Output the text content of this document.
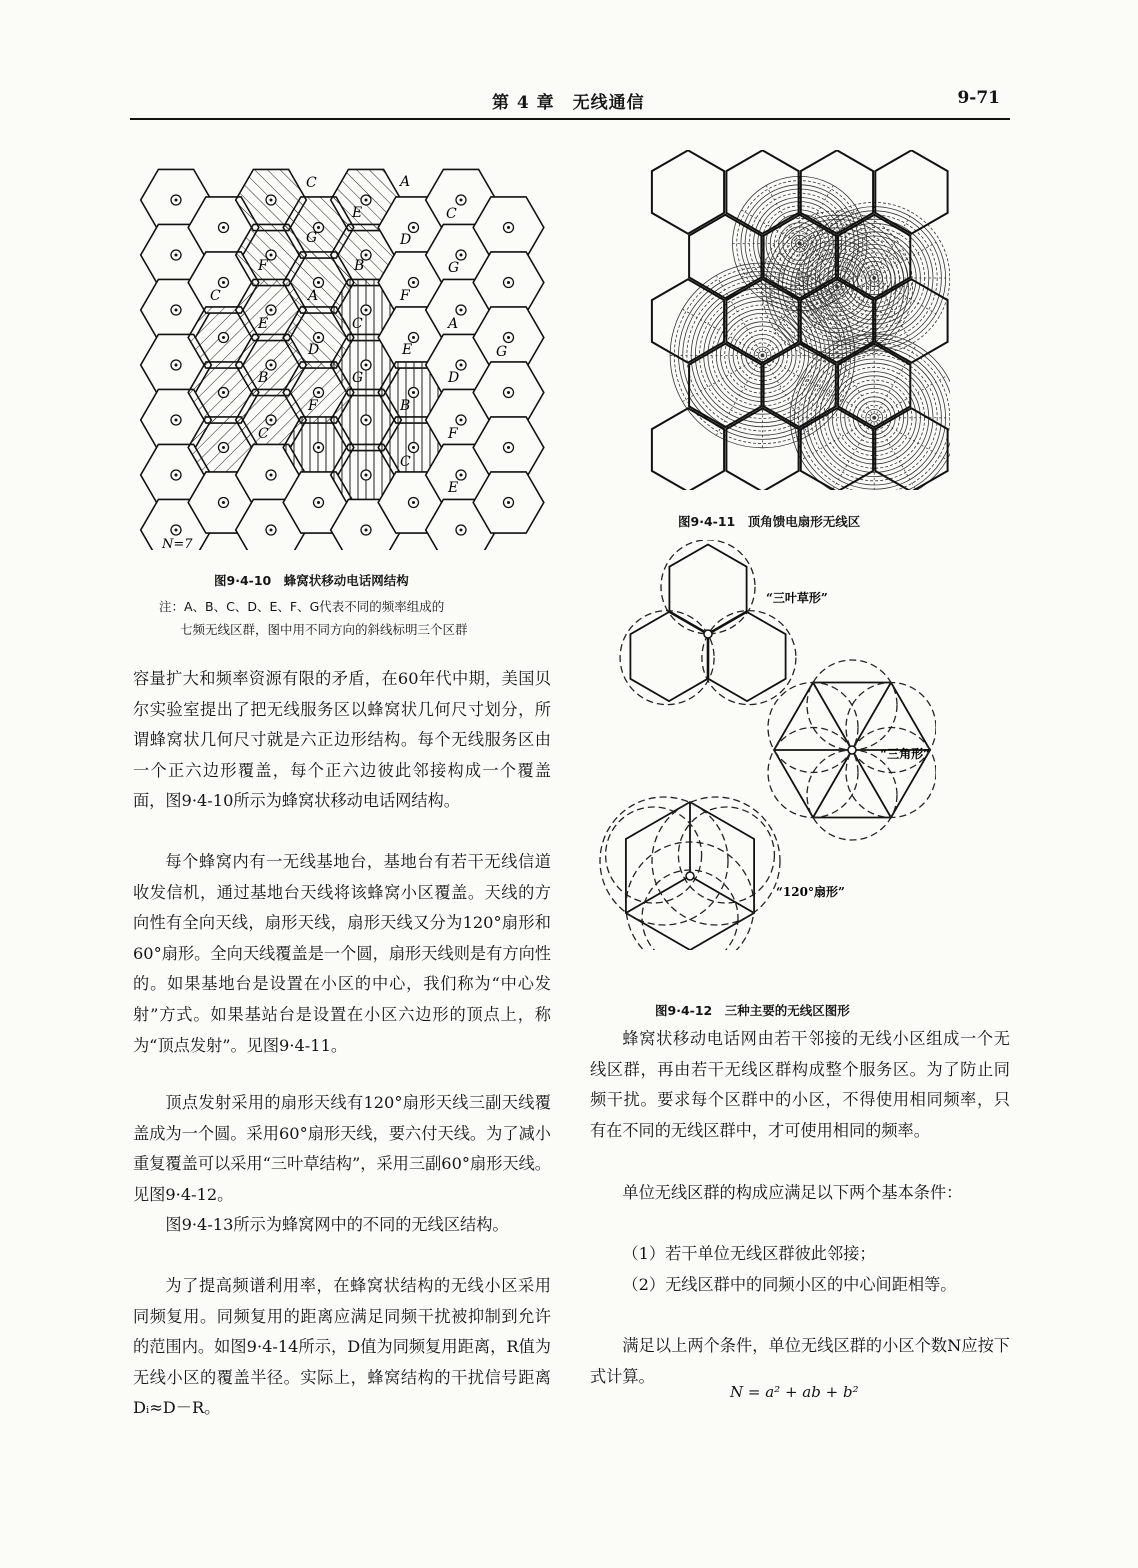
第 4 章　无线通信	9-71
C	A
E	C
G	D
F	B	G
C	A	F
E	C	A
E
D	G
B	D
B
F
C	F
G
C
E
N=7
图9·4-10　蜂窝状移动电话网结构
注：A、B、C、D、E、F、G代表不同的频率组成的
七频无线区群，图中用不同方向的斜线标明三个区群
图9·4-11　顶角馈电扇形无线区
“三叶草形”
“三角形”
“120°扇形”
图9·4-12　三种主要的无线区图形

容量扩大和频率资源有限的矛盾，在60年代中期，美国贝尔实验室提出了把无线服务区以蜂窝状几何尺寸划分，所谓蜂窝状几何尺寸就是六正边形结构。每个无线服务区由一个正六边形覆盖，每个正六边彼此邻接构成一个覆盖面，图9·4-10所示为蜂窝状移动电话网结构。

每个蜂窝内有一无线基地台，基地台有若干无线信道收发信机，通过基地台天线将该蜂窝小区覆盖。天线的方向性有全向天线，扇形天线，扇形天线又分为120°扇形和60°扇形。全向天线覆盖是一个圆，扇形天线则是有方向性的。如果基地台是设置在小区的中心，我们称为“中心发射”方式。如果基站台是设置在小区六边形的顶点上，称为“顶点发射”。见图9·4-11。

顶点发射采用的扇形天线有120°扇形天线三副天线覆盖成为一个圆。采用60°扇形天线，要六付天线。为了减小重复覆盖可以采用“三叶草结构”，采用三副60°扇形天线。见图9·4-12。

图9·4-13所示为蜂窝网中的不同的无线区结构。

为了提高频谱利用率，在蜂窝状结构的无线小区采用同频复用。同频复用的距离应满足同频干扰被抑制到允许的范围内。如图9·4-14所示，D值为同频复用距离，R值为无线小区的覆盖半径。实际上，蜂窝结构的干扰信号距离Dᵢ≈D－R。

蜂窝状移动电话网由若干邻接的无线小区组成一个无线区群，再由若干无线区群构成整个服务区。为了防止同频干扰。要求每个区群中的小区，不得使用相同频率，只有在不同的无线区群中，才可使用相同的频率。

单位无线区群的构成应满足以下两个基本条件：

（1）若干单位无线区群彼此邻接；

（2）无线区群中的同频小区的中心间距相等。

满足以上两个条件，单位无线区群的小区个数N应按下式计算。

N = a² + ab + b²
